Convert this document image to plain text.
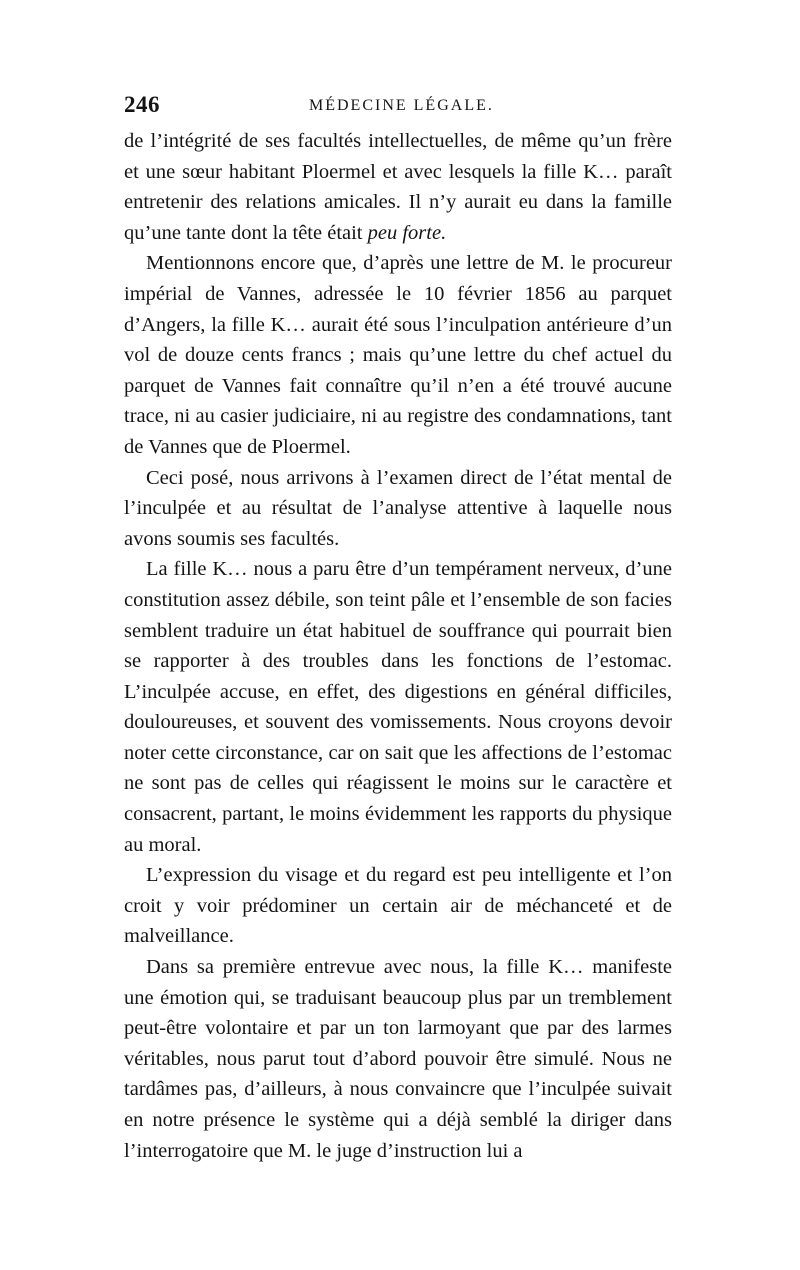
246	MÉDECINE LÉGALE.

de l’intégrité de ses facultés intellectuelles, de même qu’un frère et une sœur habitant Ploermel et avec lesquels la fille K… paraît entretenir des relations amicales. Il n’y aurait eu dans la famille qu’une tante dont la tête était peu forte.

Mentionnons encore que, d’après une lettre de M. le procureur impérial de Vannes, adressée le 10 février 1856 au parquet d’Angers, la fille K… aurait été sous l’inculpation antérieure d’un vol de douze cents francs ; mais qu’une lettre du chef actuel du parquet de Vannes fait connaître qu’il n’en a été trouvé aucune trace, ni au casier judiciaire, ni au registre des condamnations, tant de Vannes que de Ploermel.

Ceci posé, nous arrivons à l’examen direct de l’état mental de l’inculpée et au résultat de l’analyse attentive à laquelle nous avons soumis ses facultés.

La fille K… nous a paru être d’un tempérament nerveux, d’une constitution assez débile, son teint pâle et l’ensemble de son facies semblent traduire un état habituel de souffrance qui pourrait bien se rapporter à des troubles dans les fonctions de l’estomac. L’inculpée accuse, en effet, des digestions en général difficiles, douloureuses, et souvent des vomissements. Nous croyons devoir noter cette circonstance, car on sait que les affections de l’estomac ne sont pas de celles qui réagissent le moins sur le caractère et consacrent, partant, le moins évidemment les rapports du physique au moral.

L’expression du visage et du regard est peu intelligente et l’on croit y voir prédominer un certain air de méchanceté et de malveillance.

Dans sa première entrevue avec nous, la fille K… manifeste une émotion qui, se traduisant beaucoup plus par un tremblement peut-être volontaire et par un ton larmoyant que par des larmes véritables, nous parut tout d’abord pouvoir être simulé. Nous ne tardâmes pas, d’ailleurs, à nous convaincre que l’inculpée suivait en notre présence le système qui a déjà semblé la diriger dans l’interrogatoire que M. le juge d’instruction lui a
